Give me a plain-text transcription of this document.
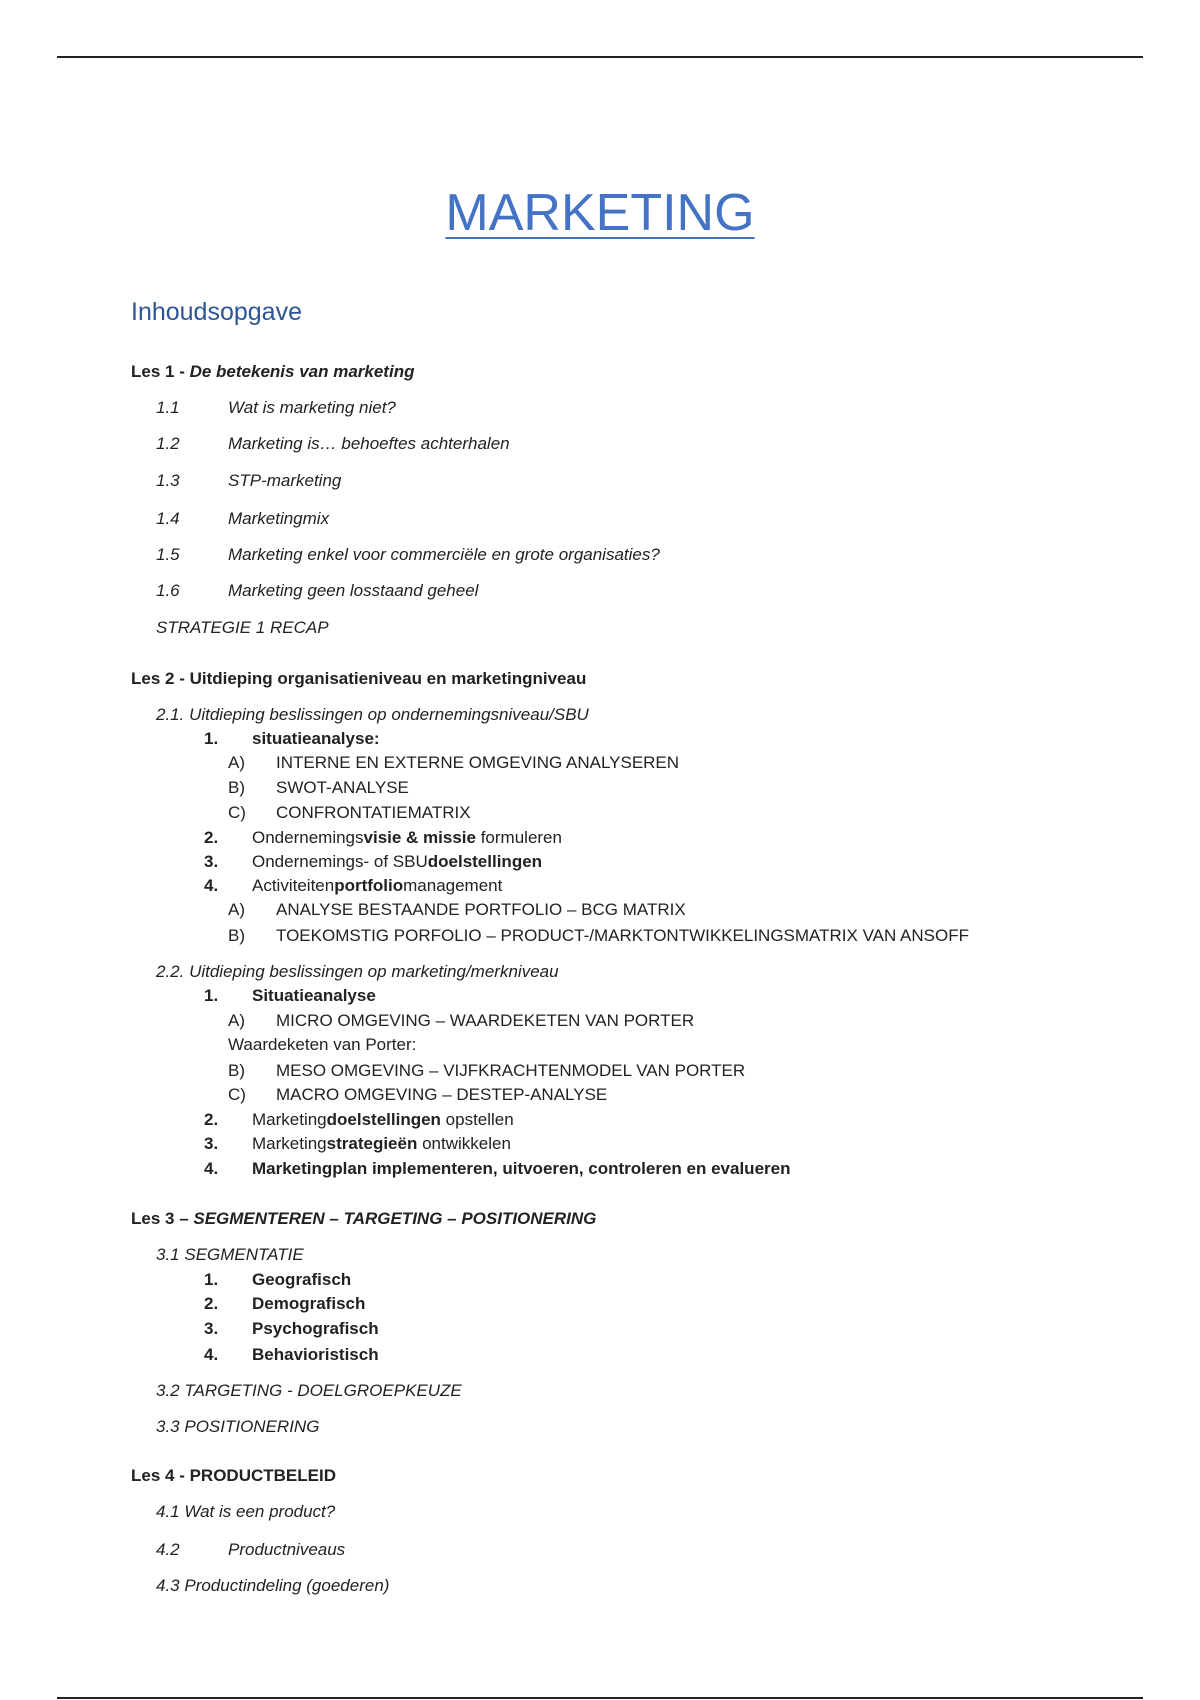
MARKETING
Inhoudsopgave
Les 1 - De betekenis van marketing
1.1	Wat is marketing niet?
1.2	Marketing is… behoeftes achterhalen
1.3	STP-marketing
1.4	Marketingmix
1.5	Marketing enkel voor commerciële en grote organisaties?
1.6	Marketing geen losstaand geheel
STRATEGIE 1 RECAP
Les 2 - Uitdieping organisatieniveau en marketingniveau
2.1. Uitdieping beslissingen op ondernemingsniveau/SBU
1. situatieanalyse:
A) INTERNE EN EXTERNE OMGEVING ANALYSEREN
B) SWOT-ANALYSE
C) CONFRONTATIEMATRIX
2. Ondernemingsvisie & missie formuleren
3. Ondernemings- of SBUdoelstellingen
4. Activiteitenportfoliomanagement
A) ANALYSE BESTAANDE PORTFOLIO – BCG MATRIX
B) TOEKOMSTIG PORFOLIO – PRODUCT-/MARKTONTWIKKELINGSMATRIX VAN ANSOFF
2.2. Uitdieping beslissingen op marketing/merkniveau
1. Situatieanalyse
A) MICRO OMGEVING – WAARDEKETEN VAN PORTER
Waardeketen van Porter:
B) MESO OMGEVING – VIJFKRACHTENMODEL VAN PORTER
C) MACRO OMGEVING – DESTEP-ANALYSE
2. Marketingdoelstellingen opstellen
3. Marketingstrategieën ontwikkelen
4. Marketingplan implementeren, uitvoeren, controleren en evalueren
Les 3 – SEGMENTEREN – TARGETING – POSITIONERING
3.1 SEGMENTATIE
1. Geografisch
2. Demografisch
3. Psychografisch
4. Behavioristisch
3.2 TARGETING - DOELGROEPKEUZE
3.3 POSITIONERING
Les 4 - PRODUCTBELEID
4.1 Wat is een product?
4.2	Productniveaus
4.3 Productindeling (goederen)
